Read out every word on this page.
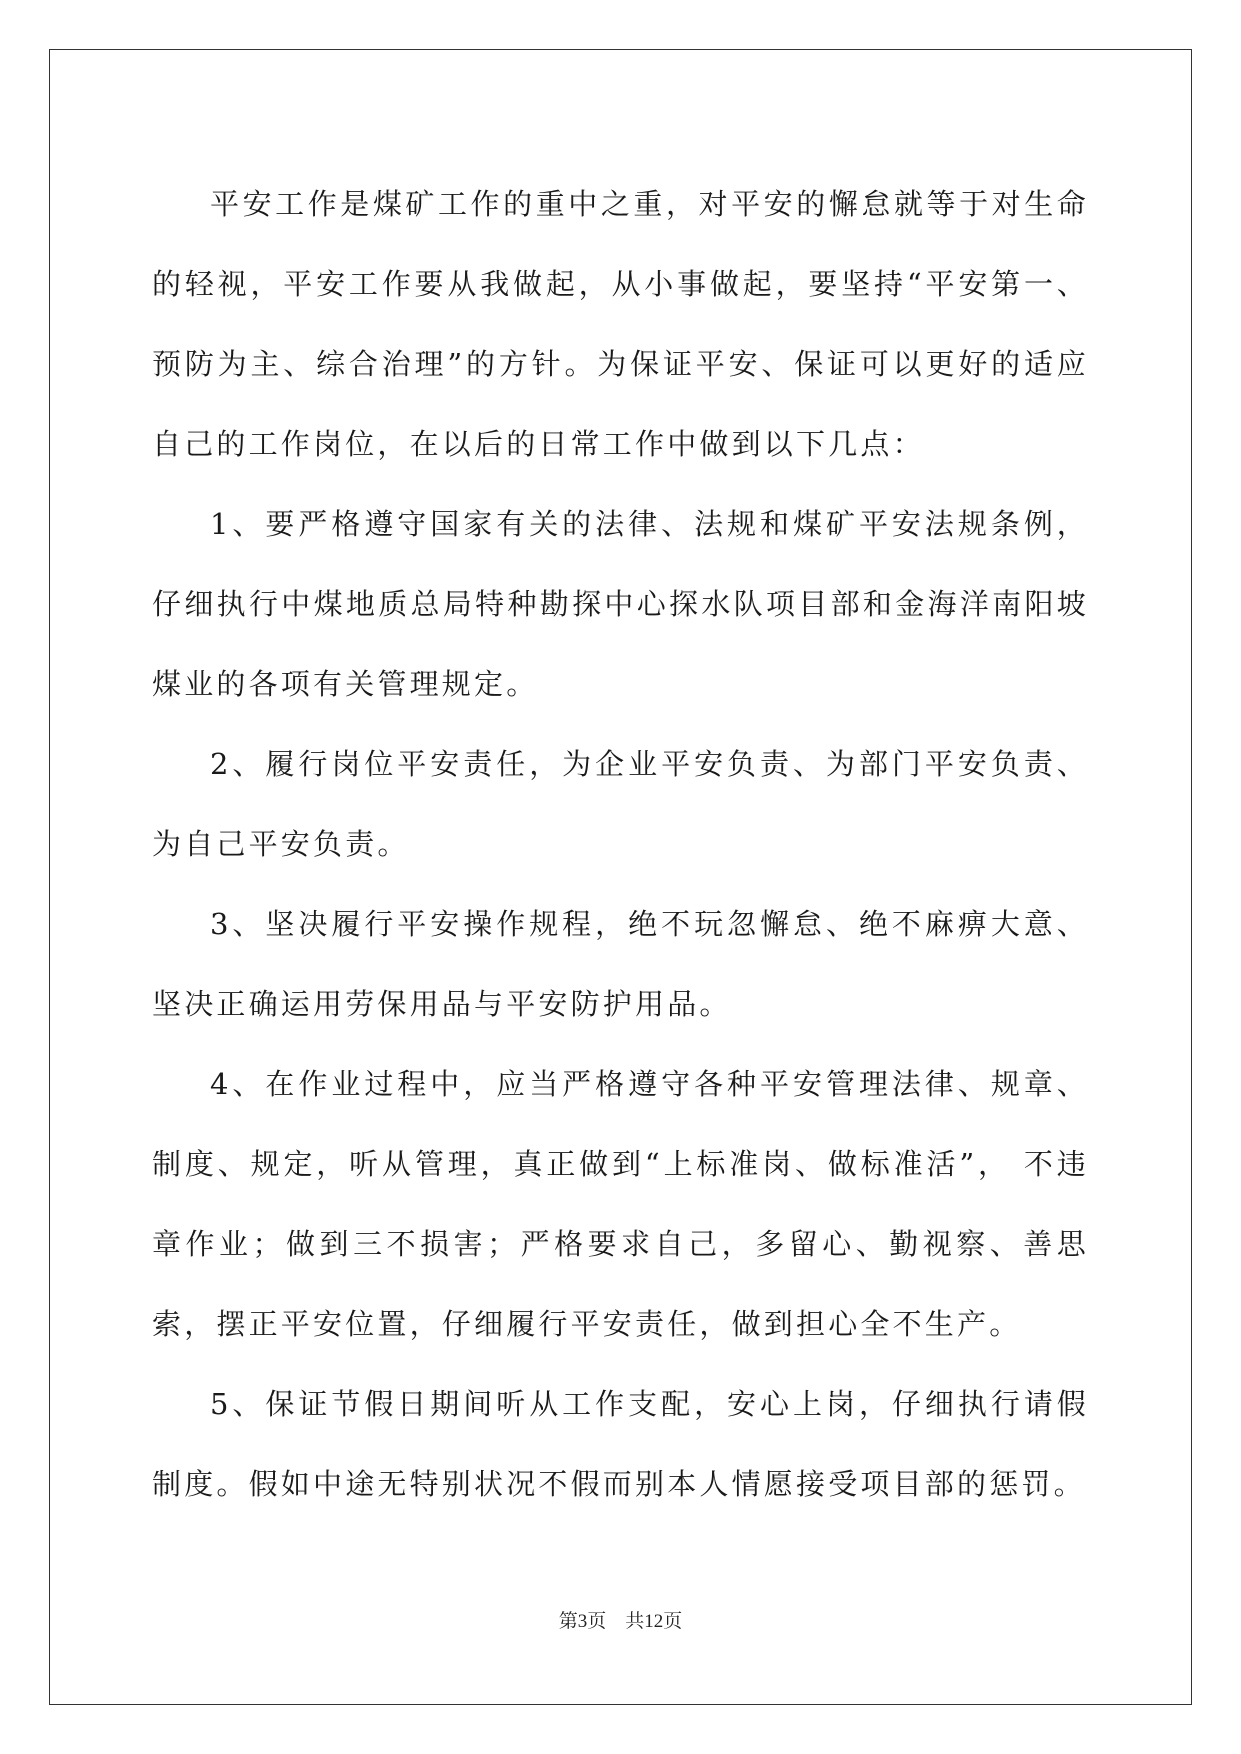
平安工作是煤矿工作的重中之重，对平安的懈怠就等于对生命的轻视，平安工作要从我做起，从小事做起，要坚持“平安第一、预防为主、综合治理”的方针。为保证平安、保证可以更好的适应自己的工作岗位，在以后的日常工作中做到以下几点：

1、要严格遵守国家有关的法律、法规和煤矿平安法规条例，仔细执行中煤地质总局特种勘探中心探水队项目部和金海洋南阳坡煤业的各项有关管理规定。

2、履行岗位平安责任，为企业平安负责、为部门平安负责、为自己平安负责。

3、坚决履行平安操作规程，绝不玩忽懈怠、绝不麻痹大意、坚决正确运用劳保用品与平安防护用品。

4、在作业过程中，应当严格遵守各种平安管理法律、规章、制度、规定，听从管理，真正做到“上标准岗、做标准活”， 不违章作业；做到三不损害；严格要求自己，多留心、勤视察、善思索，摆正平安位置，仔细履行平安责任，做到担心全不生产。

5、保证节假日期间听从工作支配，安心上岗，仔细执行请假制度。假如中途无特别状况不假而别本人情愿接受项目部的惩罚。

第3页 共12页
